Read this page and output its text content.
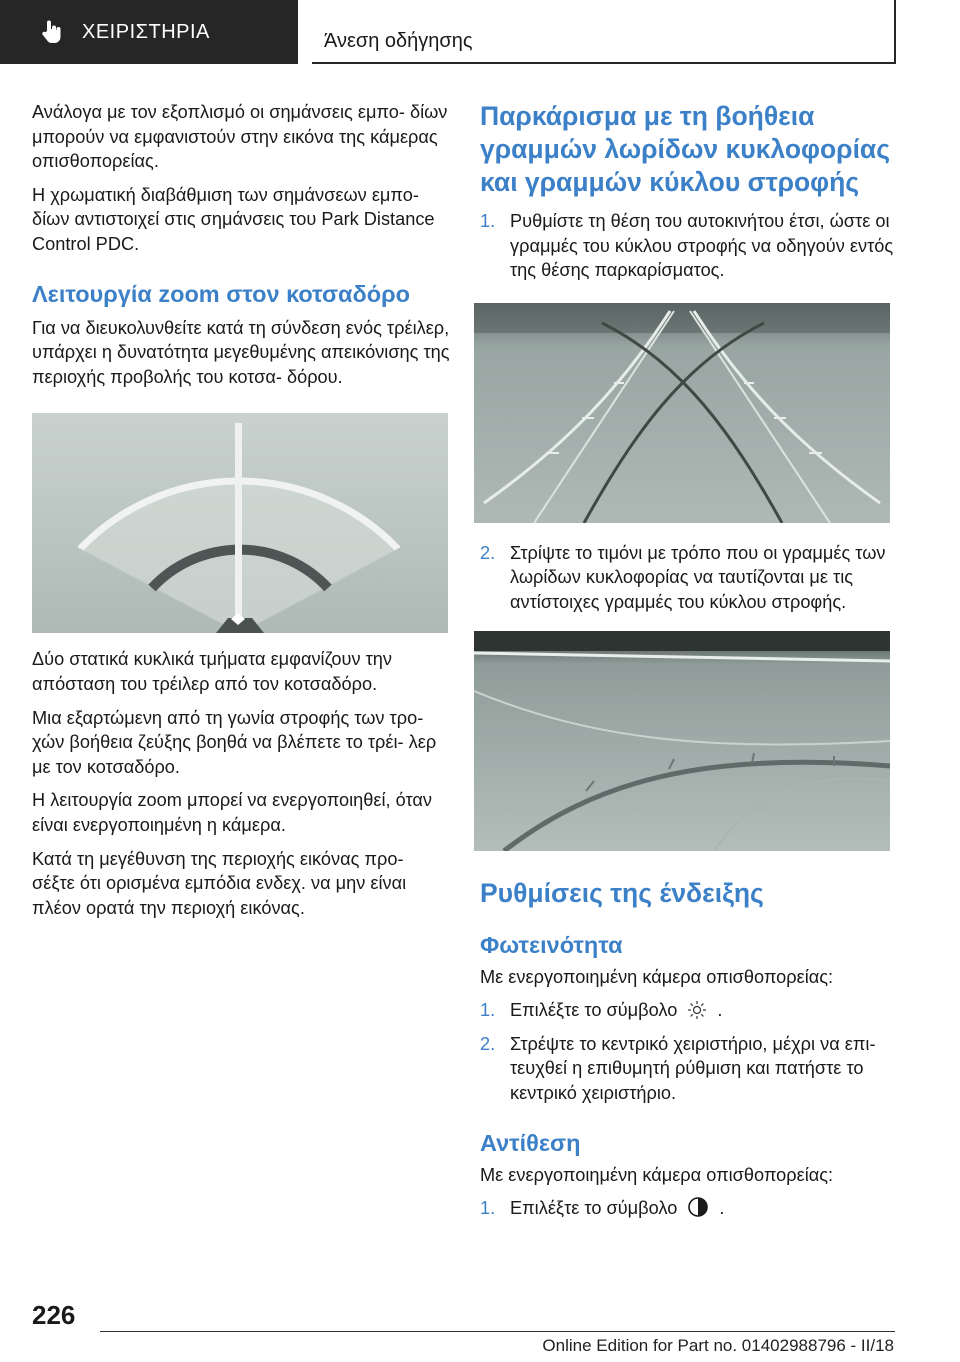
ΧΕΙΡΙΣΤΗΡΙΑ	Άνεση οδήγησης

Ανάλογα με τον εξοπλισμό οι σημάνσεις εμπο‐ δίων μπορούν να εμφανιστούν στην εικόνα της κάμερας οπισθοπορείας.

Η χρωματική διαβάθμιση των σημάνσεων εμπο‐ δίων αντιστοιχεί στις σημάνσεις του Park Distance Control PDC.

Λειτουργία zoom στον κοτσαδόρο

Για να διευκολυνθείτε κατά τη σύνδεση ενός τρέιλερ, υπάρχει η δυνατότητα μεγεθυμένης απεικόνισης της περιοχής προβολής του κοτσα‐ δόρου.

Δύο στατικά κυκλικά τμήματα εμφανίζουν την απόσταση του τρέιλερ από τον κοτσαδόρο.

Μια εξαρτώμενη από τη γωνία στροφής των τρο‐ χών βοήθεια ζεύξης βοηθά να βλέπετε το τρέι‐ λερ με τον κοτσαδόρο.

Η λειτουργία zoom μπορεί να ενεργοποιηθεί, όταν είναι ενεργοποιημένη η κάμερα.

Κατά τη μεγέθυνση της περιοχής εικόνας προ‐ σέξτε ότι ορισμένα εμπόδια ενδεχ. να μην είναι πλέον ορατά την περιοχή εικόνας.

Παρκάρισμα με τη βοήθεια γραμμών λωρίδων κυκλοφορίας και γραμμών κύκλου στροφής
1. Ρυθμίστε τη θέση του αυτοκινήτου έτσι, ώστε οι γραμμές του κύκλου στροφής να οδηγούν εντός της θέσης παρκαρίσματος.
2. Στρίψτε το τιμόνι με τρόπο που οι γραμμές των λωρίδων κυκλοφορίας να ταυτίζονται με τις αντίστοιχες γραμμές του κύκλου στροφής.
Ρυθμίσεις της ένδειξης
Φωτεινότητα

Με ενεργοποιημένη κάμερα οπισθοπορείας:

1. Επιλέξτε το σύμβολο .
2. Στρέψτε το κεντρικό χειριστήριο, μέχρι να επι‐ τευχθεί η επιθυμητή ρύθμιση και πατήστε το κεντρικό χειριστήριο.
Αντίθεση

Με ενεργοποιημένη κάμερα οπισθοπορείας:

1. Επιλέξτε το σύμβολο .
226
Online Edition for Part no. 01402988796 - II/18
